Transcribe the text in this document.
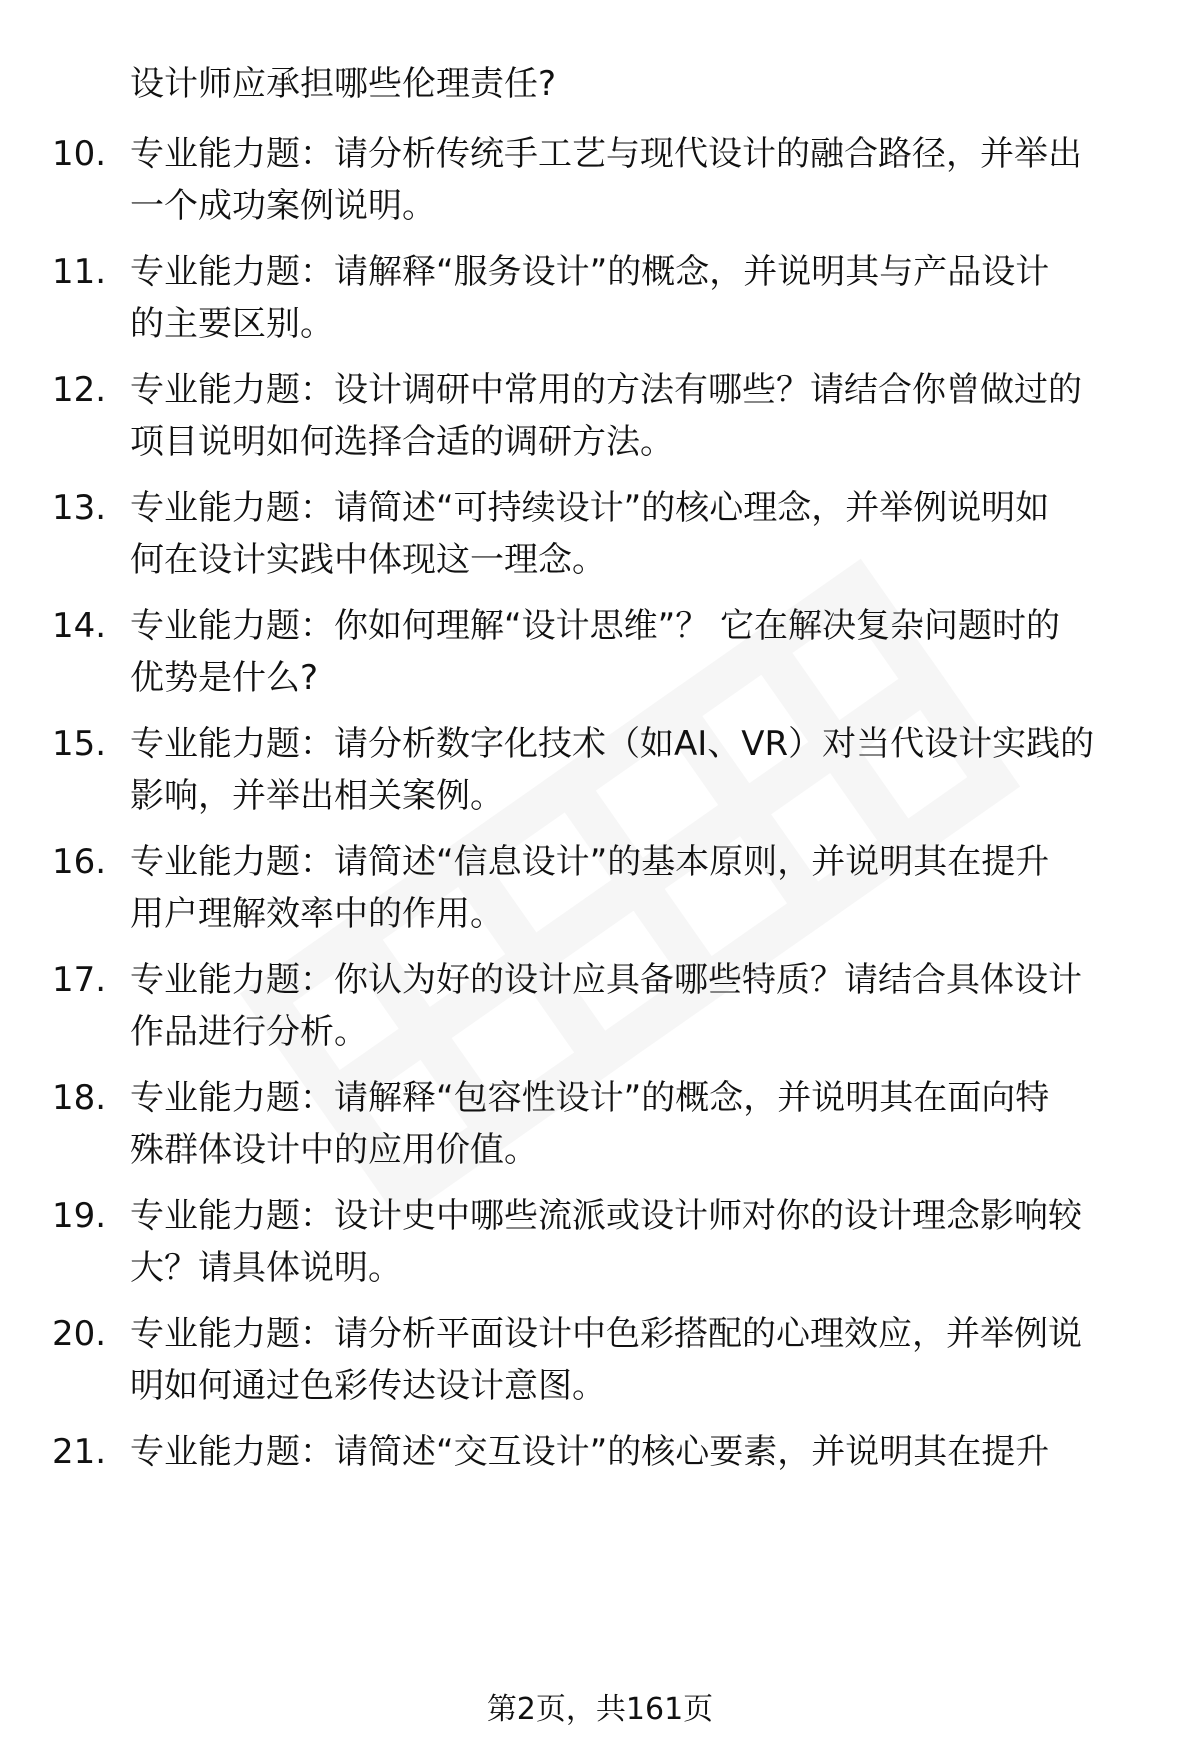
设计师应承担哪些伦理责任?
10. 专业能力题：请分析传统手工艺与现代设计的融合路径，并举出
一个成功案例说明。
11. 专业能力题：请解释“服务设计”的概念，并说明其与产品设计
的主要区别。
12. 专业能力题：设计调研中常用的方法有哪些？请结合你曾做过的
项目说明如何选择合适的调研方法。
13. 专业能力题：请简述“可持续设计”的核心理念，并举例说明如
何在设计实践中体现这一理念。
14. 专业能力题：你如何理解“设计思维”？ 它在解决复杂问题时的
优势是什么?
15. 专业能力题：请分析数字化技术（如AI、VR）对当代设计实践的
影响，并举出相关案例。
16. 专业能力题：请简述“信息设计”的基本原则，并说明其在提升
用户理解效率中的作用。
17. 专业能力题：你认为好的设计应具备哪些特质？请结合具体设计
作品进行分析。
18. 专业能力题：请解释“包容性设计”的概念，并说明其在面向特
殊群体设计中的应用价值。
19. 专业能力题：设计史中哪些流派或设计师对你的设计理念影响较
大？请具体说明。
20. 专业能力题：请分析平面设计中色彩搭配的心理效应，并举例说
明如何通过色彩传达设计意图。
21. 专业能力题：请简述“交互设计”的核心要素，并说明其在提升
第2页，共161页
